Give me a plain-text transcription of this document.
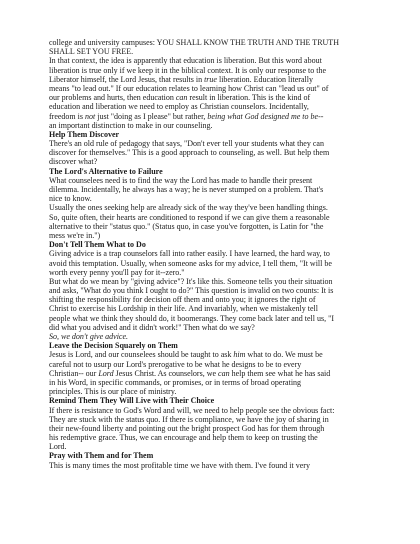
college and university campuses: YOU SHALL KNOW THE TRUTH AND THE TRUTH
SHALL SET YOU FREE.
In that context, the idea is apparently that education is liberation. But this word about
liberation is true only if we keep it in the biblical context. It is only our response to the
Liberator himself, the Lord Jesus, that results in true liberation. Education literally
means "to lead out." If our education relates to learning how Christ can "lead us out" of
our problems and hurts, then education can result in liberation. This is the kind of
education and liberation we need to employ as Christian counselors. Incidentally,
freedom is not just "doing as I please" but rather, being what God designed me to be--
an important distinction to make in our counseling.
Help Them Discover
There's an old rule of pedagogy that says, "Don't ever tell your students what they can
discover for themselves." This is a good approach to counseling, as well. But help them
discover what?
The Lord's Alternative to Failure
What counselees need is to find the way the Lord has made to handle their present
dilemma. Incidentally, he always has a way; he is never stumped on a problem. That's
nice to know.
Usually the ones seeking help are already sick of the way they've been handling things.
So, quite often, their hearts are conditioned to respond if we can give them a reasonable
alternative to their "status quo." (Status quo, in case you've forgotten, is Latin for "the
mess we're in.")
Don't Tell Them What to Do
Giving advice is a trap counselors fall into rather easily. I have learned, the hard way, to
avoid this temptation. Usually, when someone asks for my advice, I tell them, "It will be
worth every penny you'll pay for it--zero."
But what do we mean by "giving advice"? It's like this. Someone tells you their situation
and asks, "What do you think I ought to do?" This question is invalid on two counts: It is
shifting the responsibility for decision off them and onto you; it ignores the right of
Christ to exercise his Lordship in their life. And invariably, when we mistakenly tell
people what we think they should do, it boomerangs. They come back later and tell us, "I
did what you advised and it didn't work!" Then what do we say?
So, we don't give advice.
Leave the Decision Squarely on Them
Jesus is Lord, and our counselees should be taught to ask him what to do. We must be
careful not to usurp our Lord's prerogative to be what he designs to be to every
Christian-- our Lord Jesus Christ. As counselors, we can help them see what he has said
in his Word, in specific commands, or promises, or in terms of broad operating
principles. This is our place of ministry.
Remind Them They Will Live with Their Choice
If there is resistance to God's Word and will, we need to help people see the obvious fact:
They are stuck with the status quo. If there is compliance, we have the joy of sharing in
their new-found liberty and pointing out the bright prospect God has for them through
his redemptive grace. Thus, we can encourage and help them to keep on trusting the
Lord.
Pray with Them and for Them
This is many times the most profitable time we have with them. I've found it very
